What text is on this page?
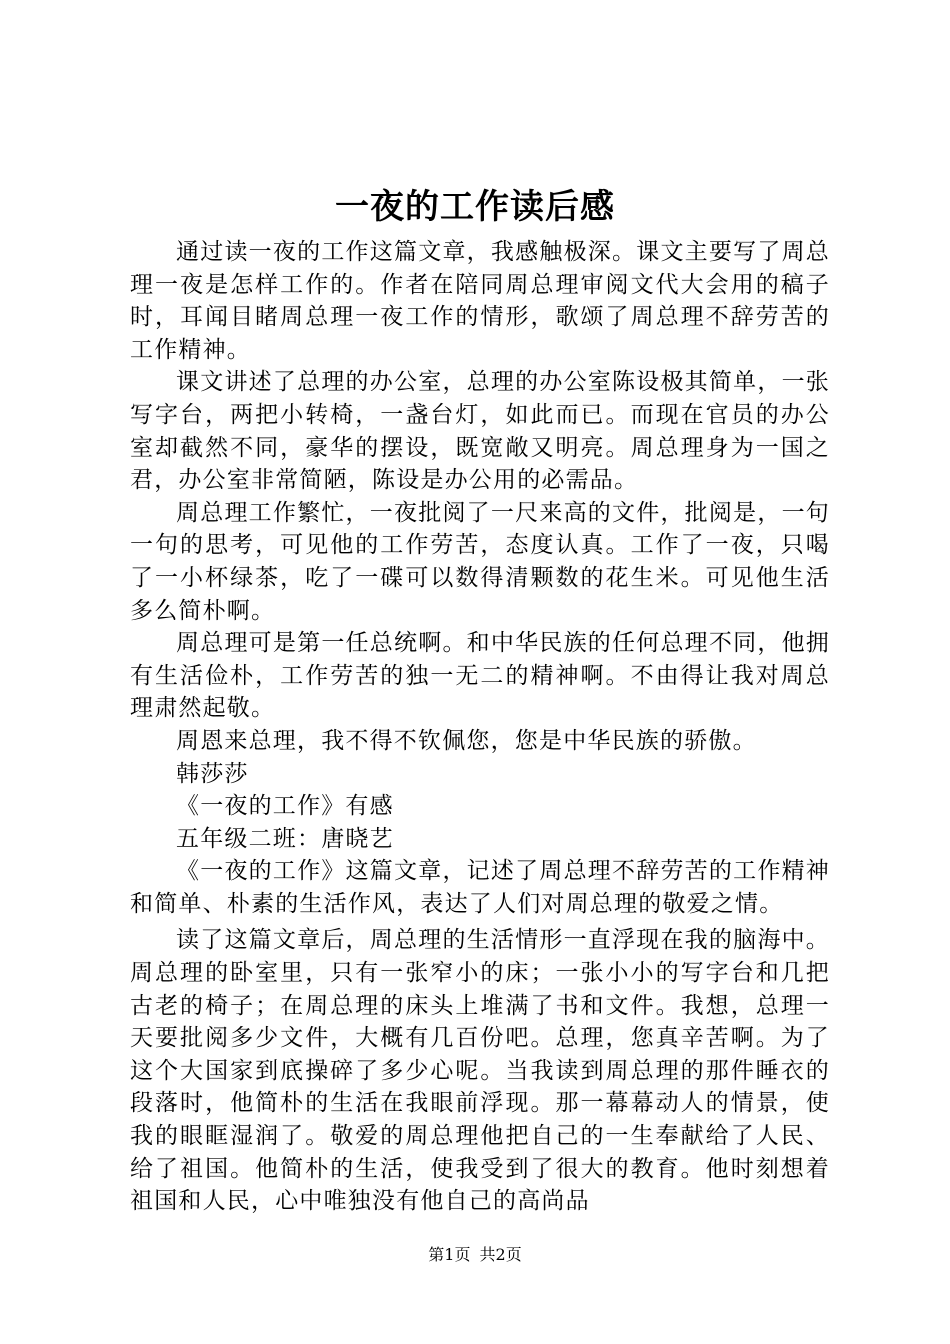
一夜的工作读后感

通过读一夜的工作这篇文章，我感触极深。课文主要写了周总理一夜是怎样工作的。作者在陪同周总理审阅文代大会用的稿子时，耳闻目睹周总理一夜工作的情形，歌颂了周总理不辞劳苦的工作精神。

课文讲述了总理的办公室，总理的办公室陈设极其简单，一张写字台，两把小转椅，一盏台灯，如此而已。而现在官员的办公室却截然不同，豪华的摆设，既宽敞又明亮。周总理身为一国之君，办公室非常简陋，陈设是办公用的必需品。

周总理工作繁忙，一夜批阅了一尺来高的文件，批阅是，一句一句的思考，可见他的工作劳苦，态度认真。工作了一夜，只喝了一小杯绿茶，吃了一碟可以数得清颗数的花生米。可见他生活多么简朴啊。

周总理可是第一任总统啊。和中华民族的任何总理不同，他拥有生活俭朴，工作劳苦的独一无二的精神啊。不由得让我对周总理肃然起敬。

周恩来总理，我不得不钦佩您，您是中华民族的骄傲。

韩莎莎

《一夜的工作》有感

五年级二班：唐晓艺

《一夜的工作》这篇文章，记述了周总理不辞劳苦的工作精神和简单、朴素的生活作风，表达了人们对周总理的敬爱之情。

读了这篇文章后，周总理的生活情形一直浮现在我的脑海中。周总理的卧室里，只有一张窄小的床；一张小小的写字台和几把古老的椅子；在周总理的床头上堆满了书和文件。我想，总理一天要批阅多少文件，大概有几百份吧。总理，您真辛苦啊。为了这个大国家到底操碎了多少心呢。当我读到周总理的那件睡衣的段落时，他简朴的生活在我眼前浮现。那一幕幕动人的情景，使我的眼眶湿润了。敬爱的周总理他把自己的一生奉献给了人民、给了祖国。他简朴的生活，使我受到了很大的教育。他时刻想着祖国和人民，心中唯独没有他自己的高尚品

第1页 共2页
